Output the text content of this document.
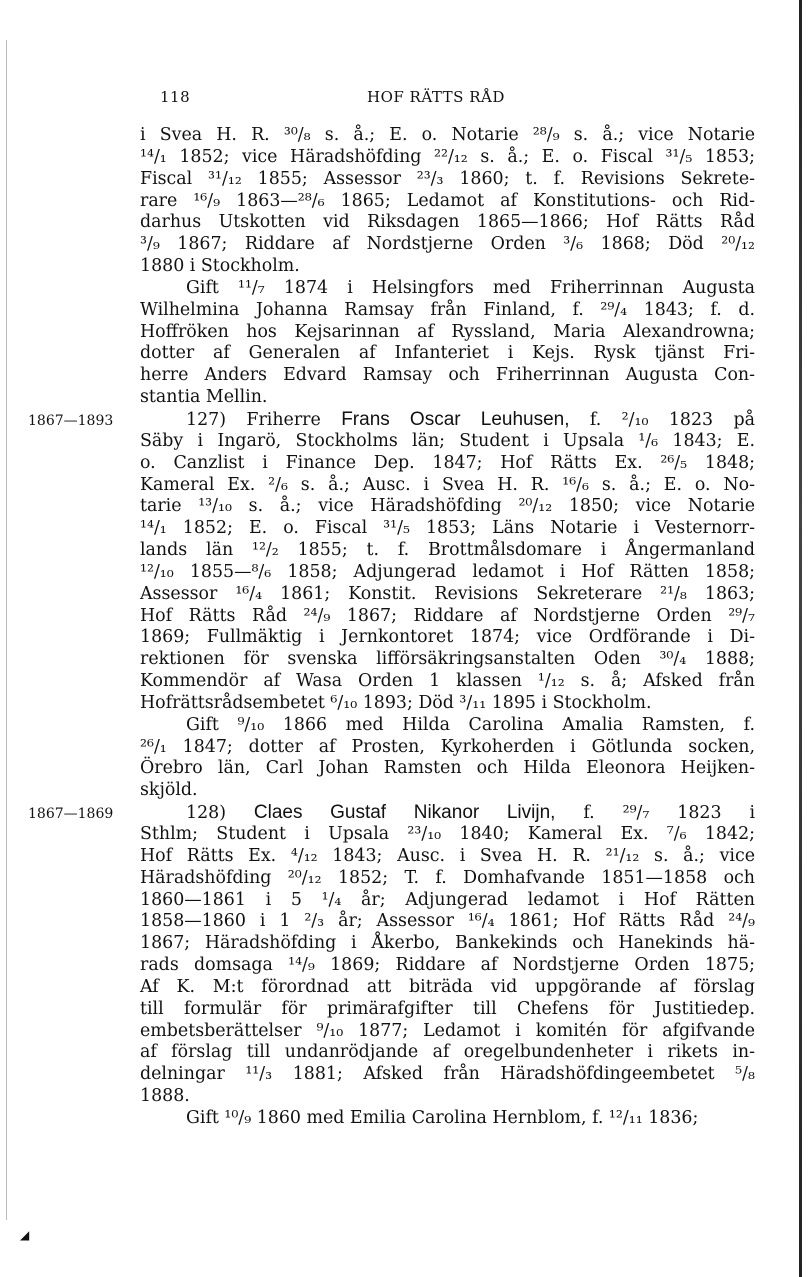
118	HOF RÄTTS RÅD
i Svea H. R. ³⁰/₈ s. å.; E. o. Notarie ²⁸/₉ s. å.; vice Notarie
¹⁴/₁ 1852; vice Häradshöfding ²²/₁₂ s. å.; E. o. Fiscal ³¹/₅ 1853;
Fiscal ³¹/₁₂ 1855; Assessor ²³/₃ 1860; t. f. Revisions Sekrete-
rare ¹⁶/₉ 1863—²⁸/₆ 1865; Ledamot af Konstitutions- och Rid-
darhus Utskotten vid Riksdagen 1865—1866; Hof Rätts Råd
³/₉ 1867; Riddare af Nordstjerne Orden ³/₆ 1868; Död ²⁰/₁₂
1880 i Stockholm.
Gift ¹¹/₇ 1874 i Helsingfors med Friherrinnan Augusta
Wilhelmina Johanna Ramsay från Finland, f. ²⁹/₄ 1843; f. d.
Hoffröken hos Kejsarinnan af Ryssland, Maria Alexandrowna;
dotter af Generalen af Infanteriet i Kejs. Rysk tjänst Fri-
herre Anders Edvard Ramsay och Friherrinnan Augusta Con-
stantia Mellin.
1867—1893	127) Friherre Frans Oscar Leuhusen, f. ²/₁₀ 1823 på
Säby i Ingarö, Stockholms län; Student i Upsala ¹/₆ 1843; E.
o. Canzlist i Finance Dep. 1847; Hof Rätts Ex. ²⁶/₅ 1848;
Kameral Ex. ²/₆ s. å.; Ausc. i Svea H. R. ¹⁶/₆ s. å.; E. o. No-
tarie ¹³/₁₀ s. å.; vice Häradshöfding ²⁰/₁₂ 1850; vice Notarie
¹⁴/₁ 1852; E. o. Fiscal ³¹/₅ 1853; Läns Notarie i Vesternorr-
lands län ¹²/₂ 1855; t. f. Brottmålsdomare i Ångermanland
¹²/₁₀ 1855—⁸/₆ 1858; Adjungerad ledamot i Hof Rätten 1858;
Assessor ¹⁶/₄ 1861; Konstit. Revisions Sekreterare ²¹/₈ 1863;
Hof Rätts Råd ²⁴/₉ 1867; Riddare af Nordstjerne Orden ²⁹/₇
1869; Fullmäktig i Jernkontoret 1874; vice Ordförande i Di-
rektionen för svenska lifförsäkringsanstalten Oden ³⁰/₄ 1888;
Kommendör af Wasa Orden 1 klassen ¹/₁₂ s. å; Afsked från
Hofrättsrådsembetet ⁶/₁₀ 1893; Död ³/₁₁ 1895 i Stockholm.
Gift ⁹/₁₀ 1866 med Hilda Carolina Amalia Ramsten, f.
²⁶/₁ 1847; dotter af Prosten, Kyrkoherden i Götlunda socken,
Örebro län, Carl Johan Ramsten och Hilda Eleonora Heijken-
skjöld.
1867—1869	128) Claes Gustaf Nikanor Livijn, f. ²⁹/₇ 1823 i
Sthlm; Student i Upsala ²³/₁₀ 1840; Kameral Ex. ⁷/₆ 1842;
Hof Rätts Ex. ⁴/₁₂ 1843; Ausc. i Svea H. R. ²¹/₁₂ s. å.; vice
Häradshöfding ²⁰/₁₂ 1852; T. f. Domhafvande 1851—1858 och
1860—1861 i 5 ¹/₄ år; Adjungerad ledamot i Hof Rätten
1858—1860 i 1 ²/₃ år; Assessor ¹⁶/₄ 1861; Hof Rätts Råd ²⁴/₉
1867; Häradshöfding i Åkerbo, Bankekinds och Hanekinds hä-
rads domsaga ¹⁴/₉ 1869; Riddare af Nordstjerne Orden 1875;
Af K. M:t förordnad att biträda vid uppgörande af förslag
till formulär för primärafgifter till Chefens för Justitiedep.
embetsberättelser ⁹/₁₀ 1877; Ledamot i komitén för afgifvande
af förslag till undanrödjande af oregelbundenheter i rikets in-
delningar ¹¹/₃ 1881; Afsked från Häradshöfdingeembetet ⁵/₈
1888.
Gift ¹⁰/₉ 1860 med Emilia Carolina Hernblom, f. ¹²/₁₁ 1836;
◢
